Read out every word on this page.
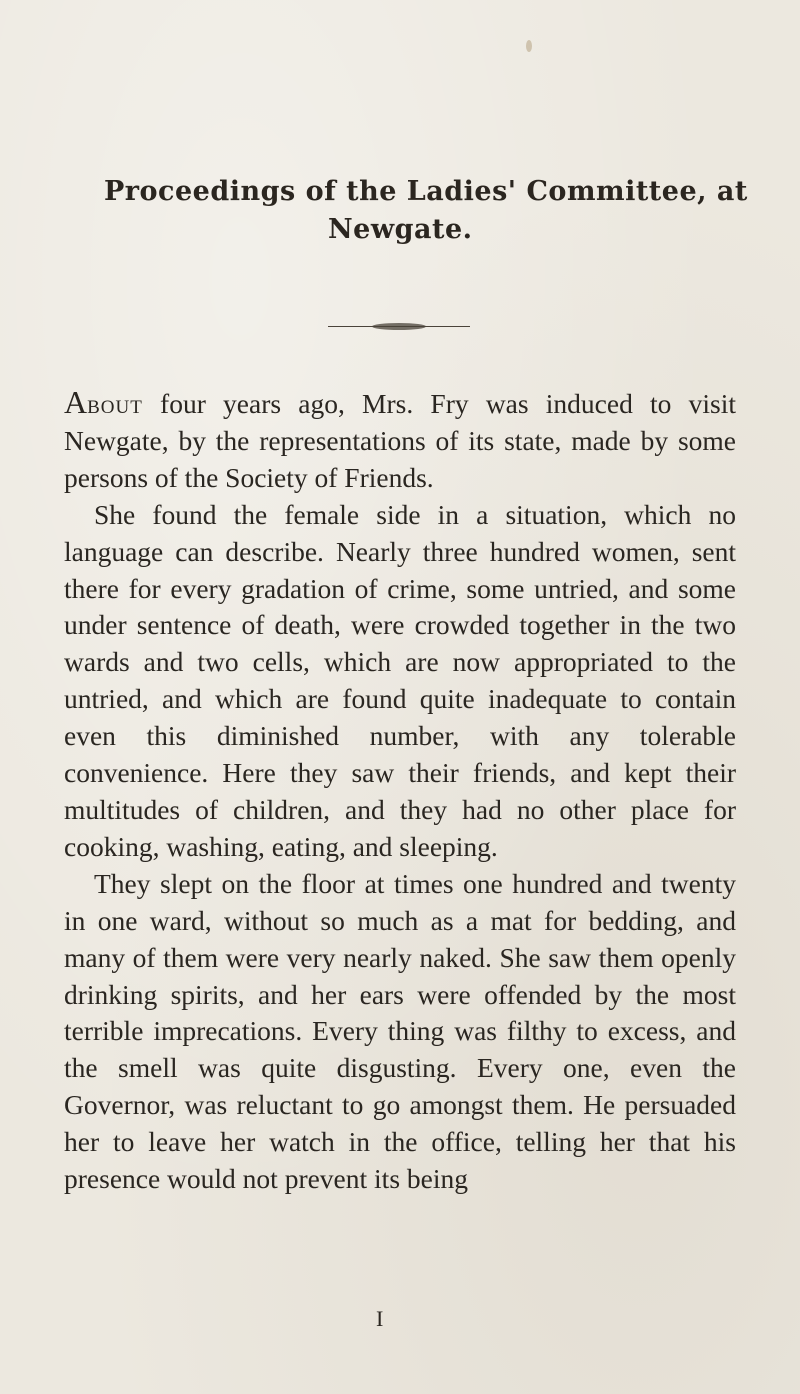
Proceedings of the Ladies' Committee, at
Newgate.

About four years ago, Mrs. Fry was induced to visit Newgate, by the representations of its state, made by some persons of the Society of Friends.

She found the female side in a situation, which no language can describe. Nearly three hundred women, sent there for every gradation of crime, some untried, and some under sentence of death, were crowded together in the two wards and two cells, which are now appropriated to the untried, and which are found quite inadequate to contain even this diminished number, with any tolerable convenience. Here they saw their friends, and kept their multitudes of children, and they had no other place for cooking, washing, eating, and sleeping.

They slept on the floor at times one hundred and twenty in one ward, without so much as a mat for bedding, and many of them were very nearly naked. She saw them openly drinking spirits, and her ears were offended by the most terrible imprecations. Every thing was filthy to excess, and the smell was quite disgusting. Every one, even the Governor, was reluctant to go amongst them. He persuaded her to leave her watch in the office, telling her that his presence would not prevent its being

I
